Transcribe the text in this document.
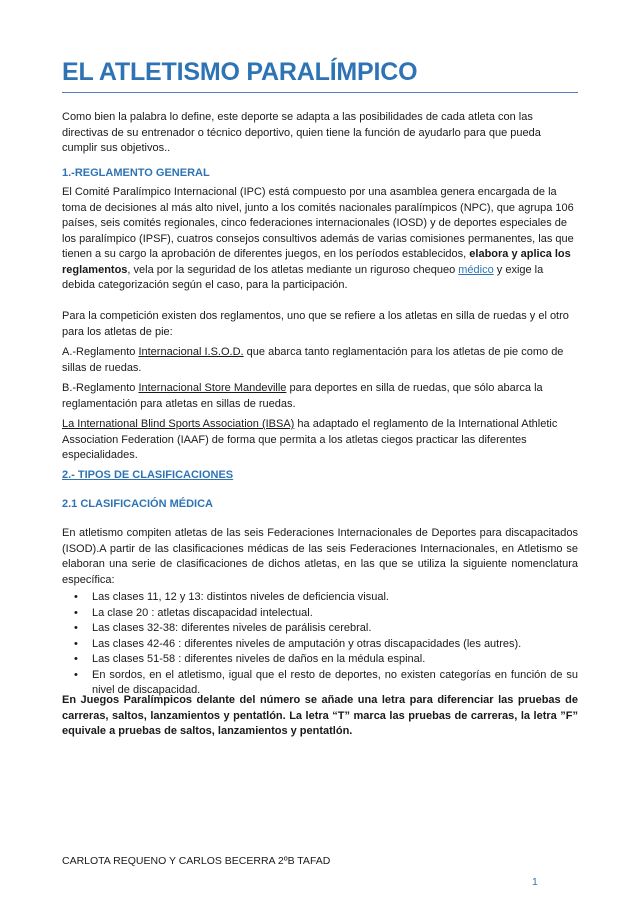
EL ATLETISMO PARALÍMPICO

Como bien la palabra lo define, este deporte se adapta a las posibilidades de cada atleta con las directivas de su entrenador o técnico deportivo, quien tiene la función de ayudarlo para que pueda cumplir sus objetivos..

1.-REGLAMENTO GENERAL

El Comité Paralímpico Internacional (IPC) está compuesto por una asamblea genera encargada de la toma de decisiones al más alto nivel, junto a los comités nacionales paralímpicos (NPC), que agrupa 106 países, seis comités regionales, cinco federaciones internacionales (IOSD) y de deportes especiales de los paralímpico (IPSF), cuatros consejos consultivos además de varias comisiones permanentes, las que tienen a su cargo la aprobación de diferentes juegos, en los períodos establecidos, elabora y aplica los reglamentos, vela por la seguridad de los atletas mediante un riguroso chequeo médico y exige la debida categorización según el caso, para la participación.

Para la competición existen dos reglamentos, uno que se refiere a los atletas en silla de ruedas y el otro para los atletas de pie:

A.-Reglamento Internacional I.S.O.D. que abarca tanto reglamentación para los atletas de pie como de sillas de ruedas.

B.-Reglamento Internacional Store Mandeville para deportes en silla de ruedas, que sólo abarca la reglamentación para atletas en sillas de ruedas.

La International Blind Sports Association (IBSA) ha adaptado el reglamento de la International Athletic Association Federation (IAAF) de forma que permita a los atletas ciegos practicar las diferentes especialidades.

2.- TIPOS DE CLASIFICACIONES

2.1 CLASIFICACIÓN MÉDICA

En atletismo compiten atletas de las seis Federaciones Internacionales de Deportes para discapacitados (ISOD).A partir de las clasificaciones médicas de las seis Federaciones Internacionales, en Atletismo se elaboran una serie de clasificaciones de dichos atletas, en las que se utiliza la siguiente nomenclatura específica:

• Las clases 11, 12 y 13: distintos niveles de deficiencia visual.
• La clase 20 : atletas discapacidad intelectual.
• Las clases 32-38: diferentes niveles de parálisis cerebral.
• Las clases 42-46 : diferentes niveles de amputación y otras discapacidades (les autres).
• Las clases 51-58 : diferentes niveles de daños en la médula espinal.
• En sordos, en el atletismo, igual que el resto de deportes, no existen categorías en función de su nivel de discapacidad.

En Juegos Paralímpicos delante del número se añade una letra para diferenciar las pruebas de carreras, saltos, lanzamientos y pentatlón. La letra “T” marca las pruebas de carreras, la letra ”F” equivale a pruebas de saltos, lanzamientos y pentatlón.

CARLOTA REQUENO Y CARLOS BECERRA 2ºB TAFAD
1
